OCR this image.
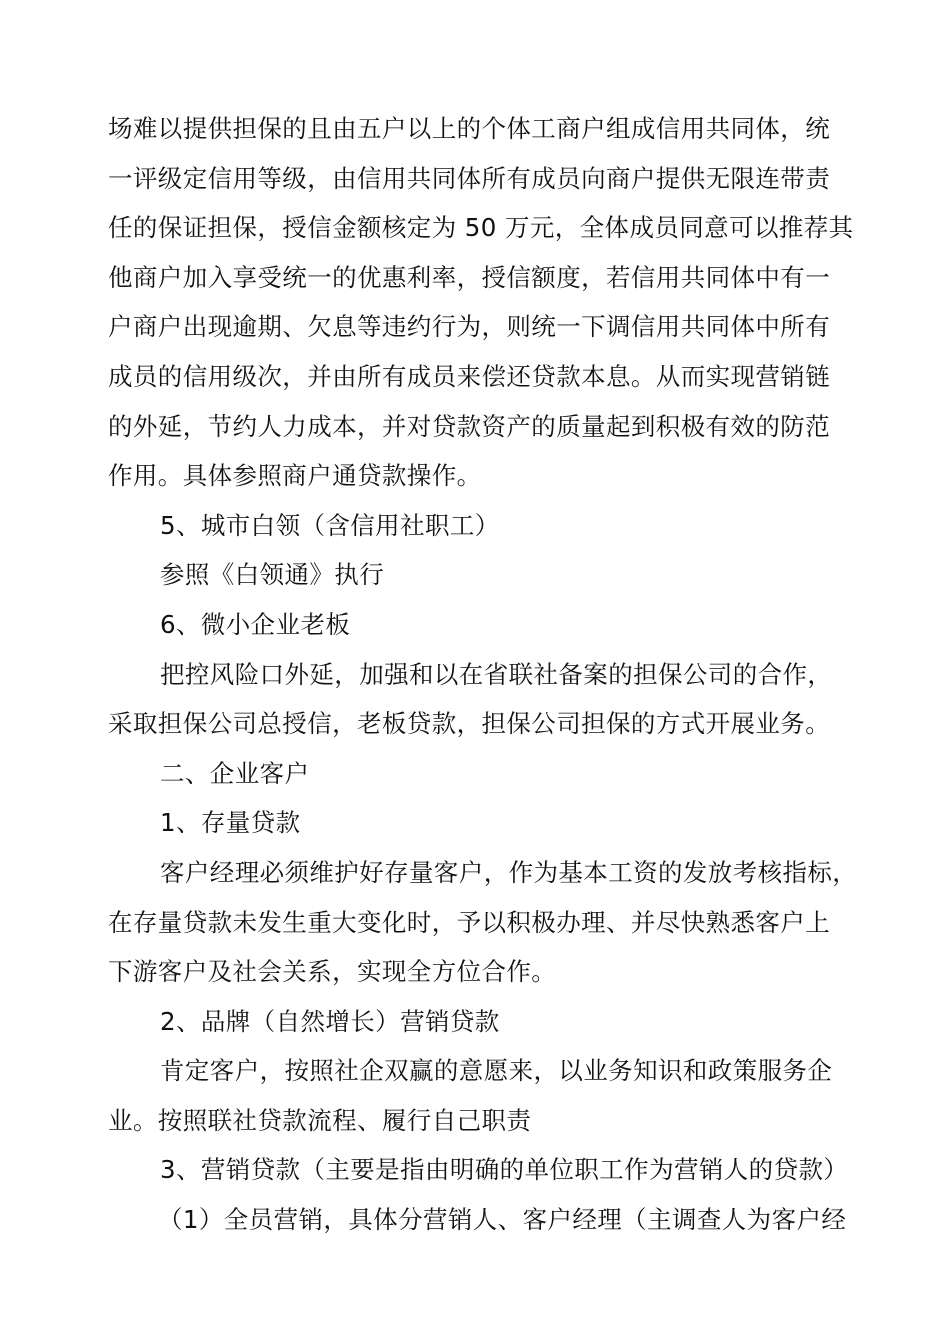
场难以提供担保的且由五户以上的个体工商户组成信用共同体，统
一评级定信用等级，由信用共同体所有成员向商户提供无限连带责
任的保证担保，授信金额核定为 50 万元，全体成员同意可以推荐其
他商户加入享受统一的优惠利率，授信额度，若信用共同体中有一
户商户出现逾期、欠息等违约行为，则统一下调信用共同体中所有
成员的信用级次，并由所有成员来偿还贷款本息。从而实现营销链
的外延，节约人力成本，并对贷款资产的质量起到积极有效的防范
作用。具体参照商户通贷款操作。
5、城市白领（含信用社职工）
参照《白领通》执行
6、微小企业老板
把控风险口外延，加强和以在省联社备案的担保公司的合作，
采取担保公司总授信，老板贷款，担保公司担保的方式开展业务。
二、企业客户
1、存量贷款
客户经理必须维护好存量客户，作为基本工资的发放考核指标，
在存量贷款未发生重大变化时，予以积极办理、并尽快熟悉客户上
下游客户及社会关系，实现全方位合作。
2、品牌（自然增长）营销贷款
肯定客户，按照社企双赢的意愿来，以业务知识和政策服务企
业。按照联社贷款流程、履行自己职责
3、营销贷款（主要是指由明确的单位职工作为营销人的贷款）
（1）全员营销，具体分营销人、客户经理（主调查人为客户经
